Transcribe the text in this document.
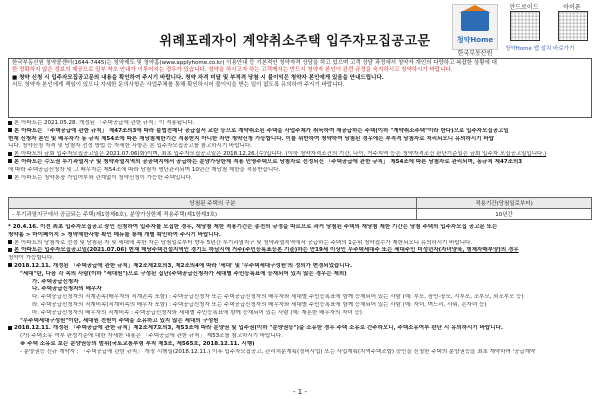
위례포레자이 계약취소주택 입주자모집공고문	청약Home
한국부동산원
안드로이드	아이폰
청약Home 앱 설치 바로가기

한국부동산원 청약콜센터(1644-7445)는 청약제도 및 청약홈(www.applyhome.co.kr) 이용안내 등 기본적인 청약자격 상담을 하고 있으며 고객 상담 과정에서 청약자 개인의 다양하고 복잡한 상황에 대

한 정확하지 않은 정보의 제공으로 일부 착오 안내가 이루어지는 경우가 있습니다. 청약을 하시고자 하는 고객께서는 반드시 청약자 본인이 관련 규정을 숙지하시고 청약하시기 바랍니다.

■ 청약 신청 시 입주자모집공고문의 내용을 확인하여 주시기 바랍니다. 청약 자격 미달 및 부적격 당첨 시 불이익은 청약자 본인에게 있음을 안내드립니다.

서도 청약자 본인에게 책임이 있으니 자세한 문의사항은 사업주체를 통해 확인하시어 불이익을 받는 일이 없도록 유의하여 주시기 바랍니다.

본 아파트는 2021.05.28. 개정된 「주택공급에 관한 규칙」이 적용됩니다.

본 아파트는 「주택공급에 관한 규칙」 제47조의3에 따라 불법전매나 공급질서 교란 등으로 계약취소된 주택을 사업주체가 취득하여 재공급하는 주택(이하 "계약취소주택"이라 한다)으로 입주자모집공고일

현재 신청자 본인 및 배우자가 동 규칙 제54조에 따른 재당첨제한기간 적용받지 아니한 자만 청약신청 가능합니다. 이를 위반하여 청약하여 당첨된 경우에는 부적격 당첨자로 처리되오니 유의하시기 바랍

니다. 청약신청 자격 및 당첨자 선정 방법 등 자세한 사항은 본 입주자모집공고를 참고하시기 바랍니다.

본 아파트의 금회 입주자모집공고일은 2021.07.06(화)이며, 최초 입주자모집공고일은 2018.12.26.(수)입니다. (이하 청약자격조건의 기간, 나이, 거주지역 등은 청약자격조건 판단기준일은 금회 입주자 모집공고일입니다.)

본 아파트는 수도권 투기과열지구 및 청약과열지역의 공공택지에서 공급하는 분양가상한제 적용 민영주택으로 당첨자로 선정되신 「주택공급에 관한 규칙」 제54조에 따른 당첨자로 관리되며, 동규칙 제47조의3

에 따라 주택공급신청자 및 그 배우자는 제54조에 따라 당첨자 명단관리되며 10년간 재당첨 제한을 적용받습니다.

본 아파트는 청약통장 가입여부와 관계없이 청약신청이 가능한 주택입니다.

당첨된 주택의 구분	적용기간(당첨일로부터)
- 투기과열지구에서 공급되는 주택(제1항제6호), 분양가상한제 적용주택(제1항제3호)	10년간

* 20.4.16. 이전 최초 입주자모집공고 승인 신청하여 입주자를 모집한 경우, 재당첨 제한 적용기간은 종전의 규정을 따르므로 과거 당첨된 주택의 재당첨 제한 기간은 당첨 주택의 입주자모집 공고문 또는

청약홈 > 마이페이지 > 청약제한사항 확인 메뉴를 통해 개별 확인하여 주시기 바랍니다.

본 아파트의 당첨자로 선정 및 당첨된 자 및 세대에 속한 자는 당첨일로부터 향후 5년간 투기과열지구 및 청약과열지역에서 공급하는 주택의 1순위 청약접수가 제한되오니 유의하시기 바랍니다.

본 아파트는 입주자모집공고일(2021.07.06) 현재 해당주택건설지역인 경기도 하남시에 거주(주민등록표등본 기준)하는 만19세 이상인 무주택세대주 또는 세대주인 미성년자(자녀양육, 형제자매부양)의 경우

청약이 가능합니다.

2018.12.11. 개정된 「주택공급에 관한 규칙」제2조제2호의3, 제2조의4에 따라 '세대' 및 '무주택세대구성원'의 정의가 변경되었습니다.

"세대"란, 다음 각 목의 사람(이하 "세대원")으로 구성된 집단(주택공급신청자가 세대별 주민등록표에 등재되어 있지 않은 경우는 제외)

가. 주택공급신청자

나. 주택공급신청자의 배우자

다. 주택공급신청자의 직계존속(배우자의 직계존속 포함) : 주택공급신청자 또는 주택공급신청자의 배우자와 세대별 주민등록표에 함께 등재되어 있는 사람 (예: 부모, 장인·장모, 시부모, 조부모, 외조부모 등)

라. 주택공급신청자의 직계비속(직계비속의 배우자 포함) : 주택공급신청자 또는 주택공급신청자의 배우자와 세대별 주민등록표에 함께 등재되어 있는 사람 (예: 자녀, 며느리, 사위, 손자녀 등)

마. 주택공급신청자의 배우자의 직계비속 : 주택공급신청자와 세대별 주민등록표에 함께 등재되어 있는 사람 (예: 재혼한 배우자의 자녀 등)

"무주택세대구성원"이란, 세대원 전원이 주택을 소유하고 있지 않은 세대의 구성원

2018.12.11. 개정된 「주택공급에 관한 규칙」제2조제7호의3, 제53조에 따라 분양권 및 입주권(이하 "분양권등")을 소유한 경우 주택 소유로 간주하오니, 주택소유여부 판단 시 유의하시기 바랍니다.

(가) 주택소유 여부 판정기준에 대한 자세한 내용은 「주택공급에 관한 규칙」 제53조를 참고하시기 바랍니다.

※ 주택 소유로 보는 분양권등의 범위(국토교통부령 부칙 제3조, 제565호, 2018.12.11. 시행)

- 분양권등 신규 계약자 : 「주택공급에 관한 규칙」 개정 시행일(2018.12.11.) 이후 입주자모집공고, 관리처분계획(정비사업) 또는 사업계획(지역주택조합) 승인을 신청한 주택의 분양권등을 최초 계약하여 '공급계약

- 1 -
